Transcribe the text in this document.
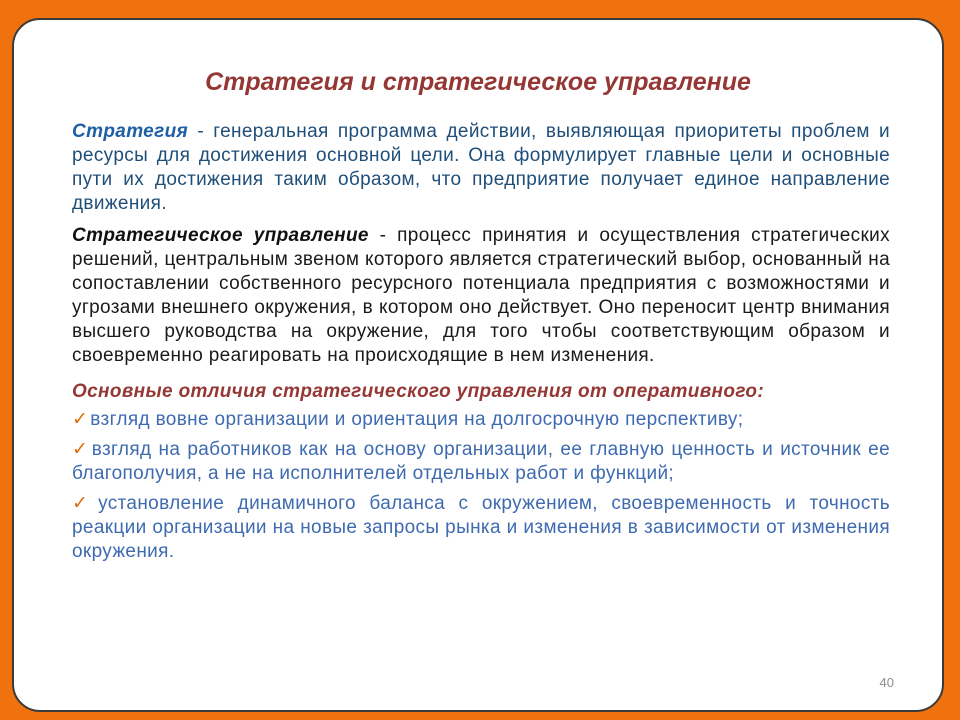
Стратегия и стратегическое управление

Стратегия - генеральная программа действии, выявляющая приоритеты проблем и ресурсы для достижения основной цели. Она формулирует главные цели и основные пути их достижения таким образом, что предприятие получает единое направление движения.

Стратегическое управление - процесс принятия и осуществления стратегических решений, центральным звеном которого является стратегический выбор, основанный на сопоставлении собственного ресурсного потенциала предприятия с возможностями и угрозами внешнего окружения, в котором оно действует. Оно переносит центр внимания высшего руководства на окружение, для того чтобы соответствующим образом и своевременно реагировать на происходящие в нем изменения.

Основные отличия стратегического управления от оперативного:

✓ взгляд вовне организации и ориентация на долгосрочную перспективу;

✓ взгляд на работников как на основу организации, ее главную ценность и источник ее благополучия, а не на исполнителей отдельных работ и функций;

✓ установление динамичного баланса с окружением, своевременность и точность реакции организации на новые запросы рынка и изменения в зависимости от изменения окружения.

40
